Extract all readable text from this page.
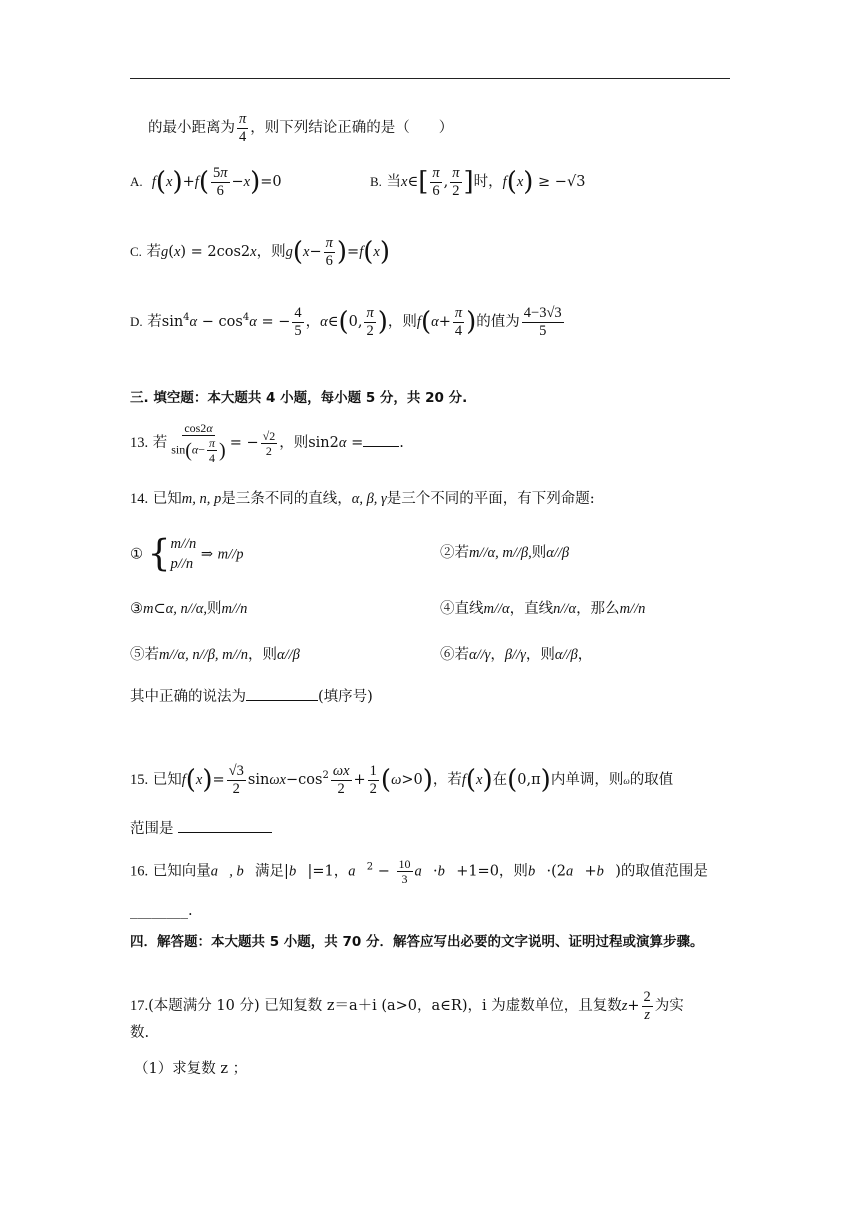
的最小距离为 $\frac{\pi}{4}$ ，则下列结论正确的是（　　）
A. $f(x)+f( \frac{5\pi}{6} -x)=0$	B. 当x∈[ $\frac{\pi}{6}$ , $\frac{\pi}{2}$ ]时，f(x) ≥ −√3
C. 若g(x) = 2cos2x，则$g(x- \frac{\pi}{6} )=f(x)$
D. 若$\sin^4\alpha - \cos^4\alpha$ = − $\frac{4}{5}$ ，α∈(0, $\frac{\pi}{2}$ )，则$f(\alpha+ \frac{\pi}{4}$ )的值为 $\frac{4-3√3}{5}$
三. 填空题：本大题共 4 小题，每小题 5 分，共 20 分.
13. 若 $\frac{\cos 2\alpha}{\sin(\alpha- \frac{\pi}{4} )}$ = − $\frac{√2}{2}$ ，则sin2α = .
14. 已知m, n, p是三条不同的直线，α, β, γ是三个不同的平面，有下列命题:
① { m//n
p//n
⇒ m//p	②若m//α, m//β,则α//β
③m⊂α, n//α,则m//n	④直线m//α，直线n//α，那么m//n
⑤若m//α, n//β, m//n，则α//β	⑥若α//γ，β//γ，则α//β，
其中正确的说法为	(填序号)
15. 已知$f(x)= \frac{√3}{2} \sin\omega x-\cos^2 \frac{\omega x}{2} + \frac{1}{2} (\omega>0)$，若f(x)在(0,π)内单调，则ω的取值
范围是
16. 已知向量a⃗, b⃗满足|b⃗|=1，a⃗$^2$ − $\frac{10}{3}$ a⃗·b⃗+1=0，则b⃗·(2a⃗+b⃗)的取值范围是
________.
四．解答题：本大题共 5 小题，共 70 分．解答应写出必要的文字说明、证明过程或演算步骤。
17.(本题满分 10 分) 已知复数 z＝a＋i (a>0，a∈R)，i 为虚数单位，且复数$z+ \frac{2}{z}$ 为实
数.
（1）求复数 z ；
